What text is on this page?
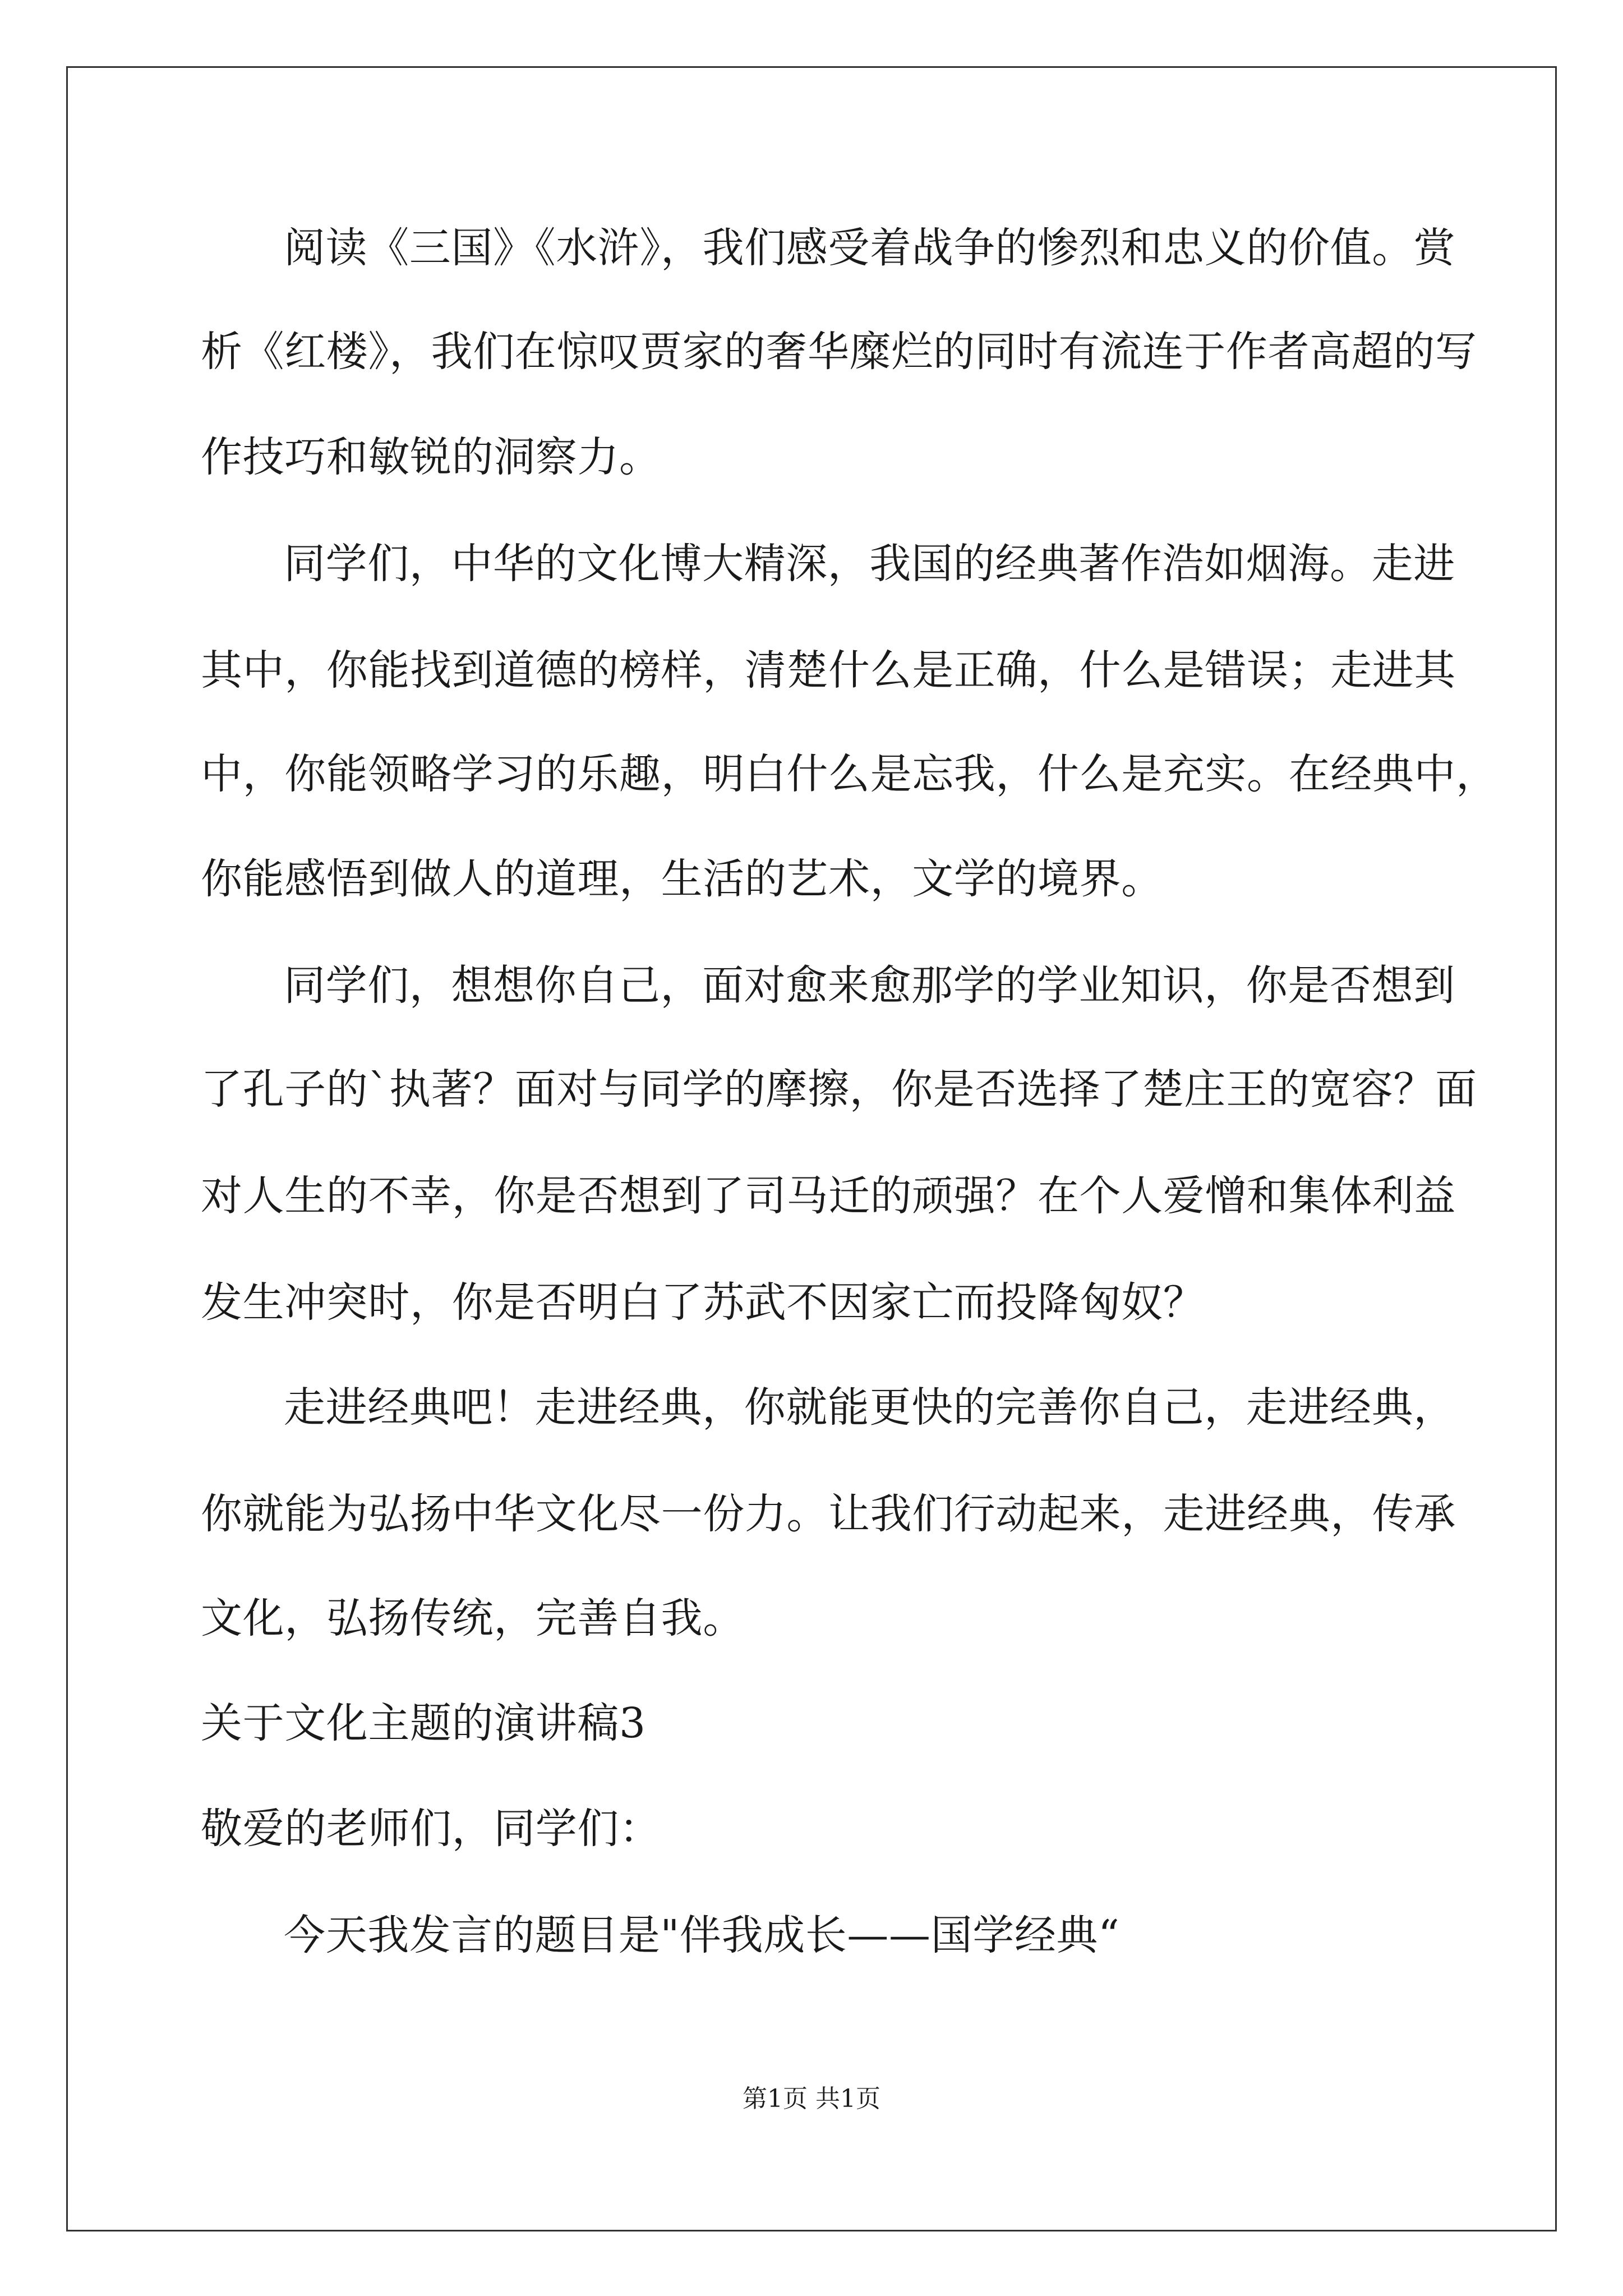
阅读《三国》《水浒》，我们感受着战争的惨烈和忠义的价值。赏
析《红楼》，我们在惊叹贾家的奢华糜烂的同时有流连于作者高超的写
作技巧和敏锐的洞察力。
同学们，中华的文化博大精深，我国的经典著作浩如烟海。走进
其中，你能找到道德的榜样，清楚什么是正确，什么是错误；走进其
中，你能领略学习的乐趣，明白什么是忘我，什么是充实。在经典中，
你能感悟到做人的道理，生活的艺术，文学的境界。
同学们，想想你自己，面对愈来愈那学的学业知识，你是否想到
了孔子的`执著？面对与同学的摩擦，你是否选择了楚庄王的宽容？面
对人生的不幸，你是否想到了司马迁的顽强？在个人爱憎和集体利益
发生冲突时，你是否明白了苏武不因家亡而投降匈奴？
走进经典吧！走进经典，你就能更快的完善你自己，走进经典，
你就能为弘扬中华文化尽一份力。让我们行动起来，走进经典，传承
文化，弘扬传统，完善自我。
关于文化主题的演讲稿3
敬爱的老师们，同学们：
今天我发言的题目是"伴我成长——国学经典“
第1页 共1页
